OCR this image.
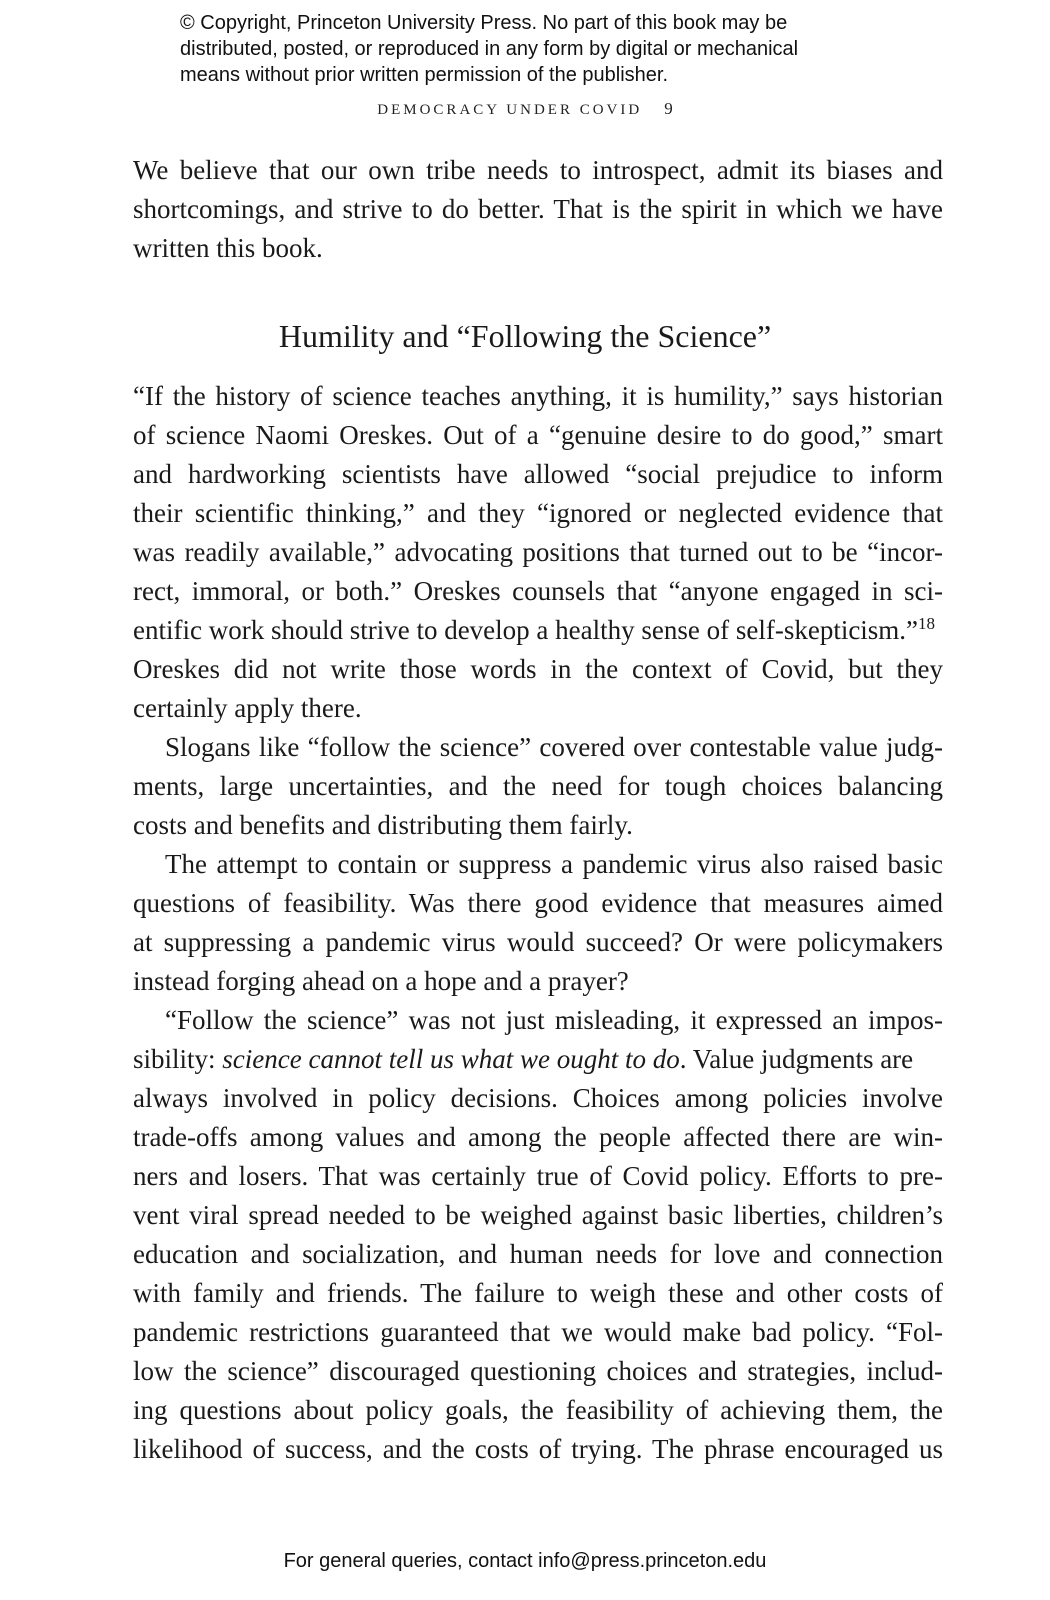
© Copyright, Princeton University Press. No part of this book may be
distributed, posted, or reproduced in any form by digital or mechanical
means without prior written permission of the publisher.
DEMOCRACY UNDER COVID 9
We believe that our own tribe needs to introspect, admit its biases and
shortcomings, and strive to do better. That is the spirit in which we have
written this book.
Humility and “Following the Science”
“If the history of science teaches anything, it is humility,” says historian
of science Naomi Oreskes. Out of a “genuine desire to do good,” smart
and hardworking scientists have allowed “social prejudice to inform
their scientific thinking,” and they “ignored or neglected evidence that
was readily available,” advocating positions that turned out to be “incor-
rect, immoral, or both.” Oreskes counsels that “anyone engaged in sci-
entific work should strive to develop a healthy sense of self-skepticism.”$^{18}$
Oreskes did not write those words in the context of Covid, but they
certainly apply there.
Slogans like “follow the science” covered over contestable value judg-
ments, large uncertainties, and the need for tough choices balancing
costs and benefits and distributing them fairly.
The attempt to contain or suppress a pandemic virus also raised basic
questions of feasibility. Was there good evidence that measures aimed
at suppressing a pandemic virus would succeed? Or were policymakers
instead forging ahead on a hope and a prayer?
“Follow the science” was not just misleading, it expressed an impos-
sibility: science cannot tell us what we ought to do. Value judgments are
always involved in policy decisions. Choices among policies involve
trade-offs among values and among the people affected there are win-
ners and losers. That was certainly true of Covid policy. Efforts to pre-
vent viral spread needed to be weighed against basic liberties, children’s
education and socialization, and human needs for love and connection
with family and friends. The failure to weigh these and other costs of
pandemic restrictions guaranteed that we would make bad policy. “Fol-
low the science” discouraged questioning choices and strategies, includ-
ing questions about policy goals, the feasibility of achieving them, the
likelihood of success, and the costs of trying. The phrase encouraged us
For general queries, contact info@press.princeton.edu
